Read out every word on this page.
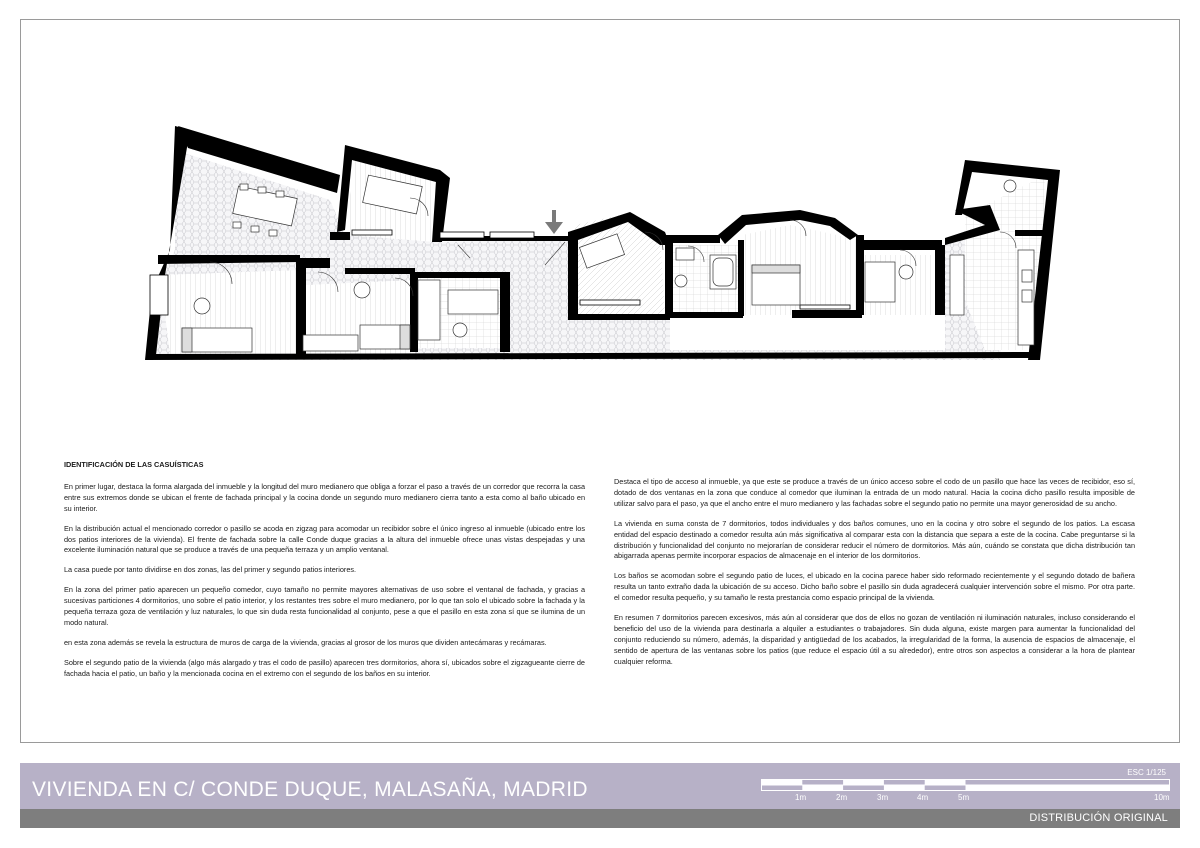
IDENTIFICACIÓN DE LAS CASUÍSTICAS

En primer lugar, destaca la forma alargada del inmueble y la longitud del muro medianero que obliga a forzar el paso a través de un corredor que recorra la casa entre sus extremos donde se ubican el frente de fachada principal y la cocina donde un segundo muro medianero cierra tanto a esta como al baño ubicado en su interior.

En la distribución actual el mencionado corredor o pasillo se acoda en zigzag para acomodar un recibidor sobre el único ingreso al inmueble (ubicado entre los dos patios interiores de la vivienda). El frente de fachada sobre la calle Conde duque gracias a la altura del inmueble ofrece unas vistas despejadas y una excelente iluminación natural que se produce a través de una pequeña terraza y un amplio ventanal.

La casa puede por tanto dividirse en dos zonas, las del primer y segundo patios interiores.

En la zona del primer patio aparecen un pequeño comedor, cuyo tamaño no permite mayores alternativas de uso sobre el ventanal de fachada, y gracias a sucesivas particiones 4 dormitorios, uno sobre el patio interior, y los restantes tres sobre el muro medianero, por lo que tan solo el ubicado sobre la fachada y la pequeña terraza goza de ventilación y luz naturales, lo que sin duda resta funcionalidad al conjunto, pese a que el pasillo en esta zona sí que se ilumina de un modo natural.

en esta zona además se revela la estructura de muros de carga de la vivienda, gracias al grosor de los muros que dividen antecámaras y recámaras.

Sobre el segundo patio de la vivienda (algo más alargado y tras el codo de pasillo) aparecen tres dormitorios, ahora sí, ubicados sobre el zigzagueante cierre de fachada hacia el patio, un baño y la mencionada cocina en el extremo con el segundo de los baños en su interior.

Destaca el tipo de acceso al inmueble, ya que este se produce a través de un único acceso sobre el codo de un pasillo que hace las veces de recibidor, eso sí, dotado de dos ventanas en la zona que conduce al comedor que iluminan la entrada de un modo natural. Hacia la cocina dicho pasillo resulta imposible de utilizar salvo para el paso, ya que el ancho entre el muro medianero y las fachadas sobre el segundo patio no permite una mayor generosidad de su ancho.

La vivienda en suma consta de 7 dormitorios, todos individuales y dos baños comunes, uno en la cocina y otro sobre el segundo de los patios. La escasa entidad del espacio destinado a comedor resulta aún más significativa al comparar esta con la distancia que separa a este de la cocina. Cabe preguntarse si la distribución y funcionalidad del conjunto no mejorarían de considerar reducir el número de dormitorios. Más aún, cuándo se constata que dicha distribución tan abigarrada apenas permite incorporar espacios de almacenaje en el interior de los dormitorios.

Los baños se acomodan sobre el segundo patio de luces, el ubicado en la cocina parece haber sido reformado recientemente y el segundo dotado de bañera resulta un tanto extraño dada la ubicación de su acceso. Dicho baño sobre el pasillo sin duda agradecerá cualquier intervención sobre el mismo. Por otra parte. el comedor resulta pequeño, y su tamaño le resta prestancia como espacio principal de la vivienda.

En resumen 7 dormitorios parecen excesivos, más aún al considerar que dos de ellos no gozan de ventilación ni iluminación naturales, incluso considerando el beneficio del uso de la vivienda para destinarla a alquiler a estudiantes o trabajadores. Sin duda alguna, existe margen para aumentar la funcionalidad del conjunto reduciendo su número, además, la disparidad y antigüedad de los acabados, la irregularidad de la forma, la ausencia de espacios de almacenaje, el sentido de apertura de las ventanas sobre los patios (que reduce el espacio útil a su alrededor), entre otros son aspectos a considerar a la hora de plantear cualquier reforma.

VIVIENDA EN C/ CONDE DUQUE, MALASAÑA, MADRID
ESC 1/125
DISTRIBUCIÓN ORIGINAL
1m	2m	3m	4m	5m	10m
